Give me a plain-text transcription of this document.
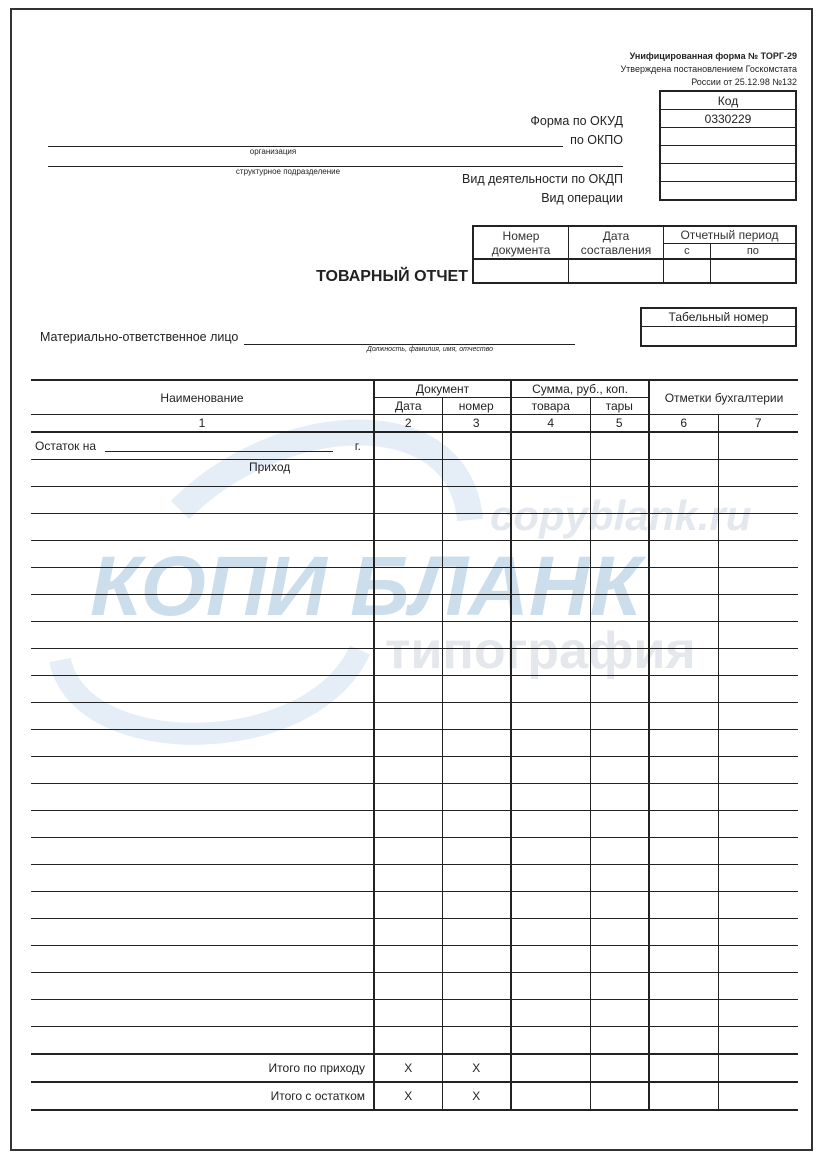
Унифицированная форма № ТОРГ-29
Утверждена постановлением Госкомстата
России от 25.12.98 №132
Форма по ОКУД
по ОКПО
Вид деятельности по ОКДП
Вид операции
Код
0330229

организация
структурное подразделение
Номер документа	Дата составления	Отчетный период	
		с	по

ТОВАРНЫЙ ОТЧЕТ
Табельный номер
Материально-ответственное лицо
Должность, фамилия, имя, отчество
copyblank.ru
КОПИ БЛАНК
типография
Наименование	Документ		Сумма, руб., коп.		Отметки бухгалтерии	
	Дата	номер	товара	тары		
1	2	3	4	5	6	7
Остаток на г.						

Приход						

Итого по приходу	Х	Х				
Итого с остатком	Х	Х				
